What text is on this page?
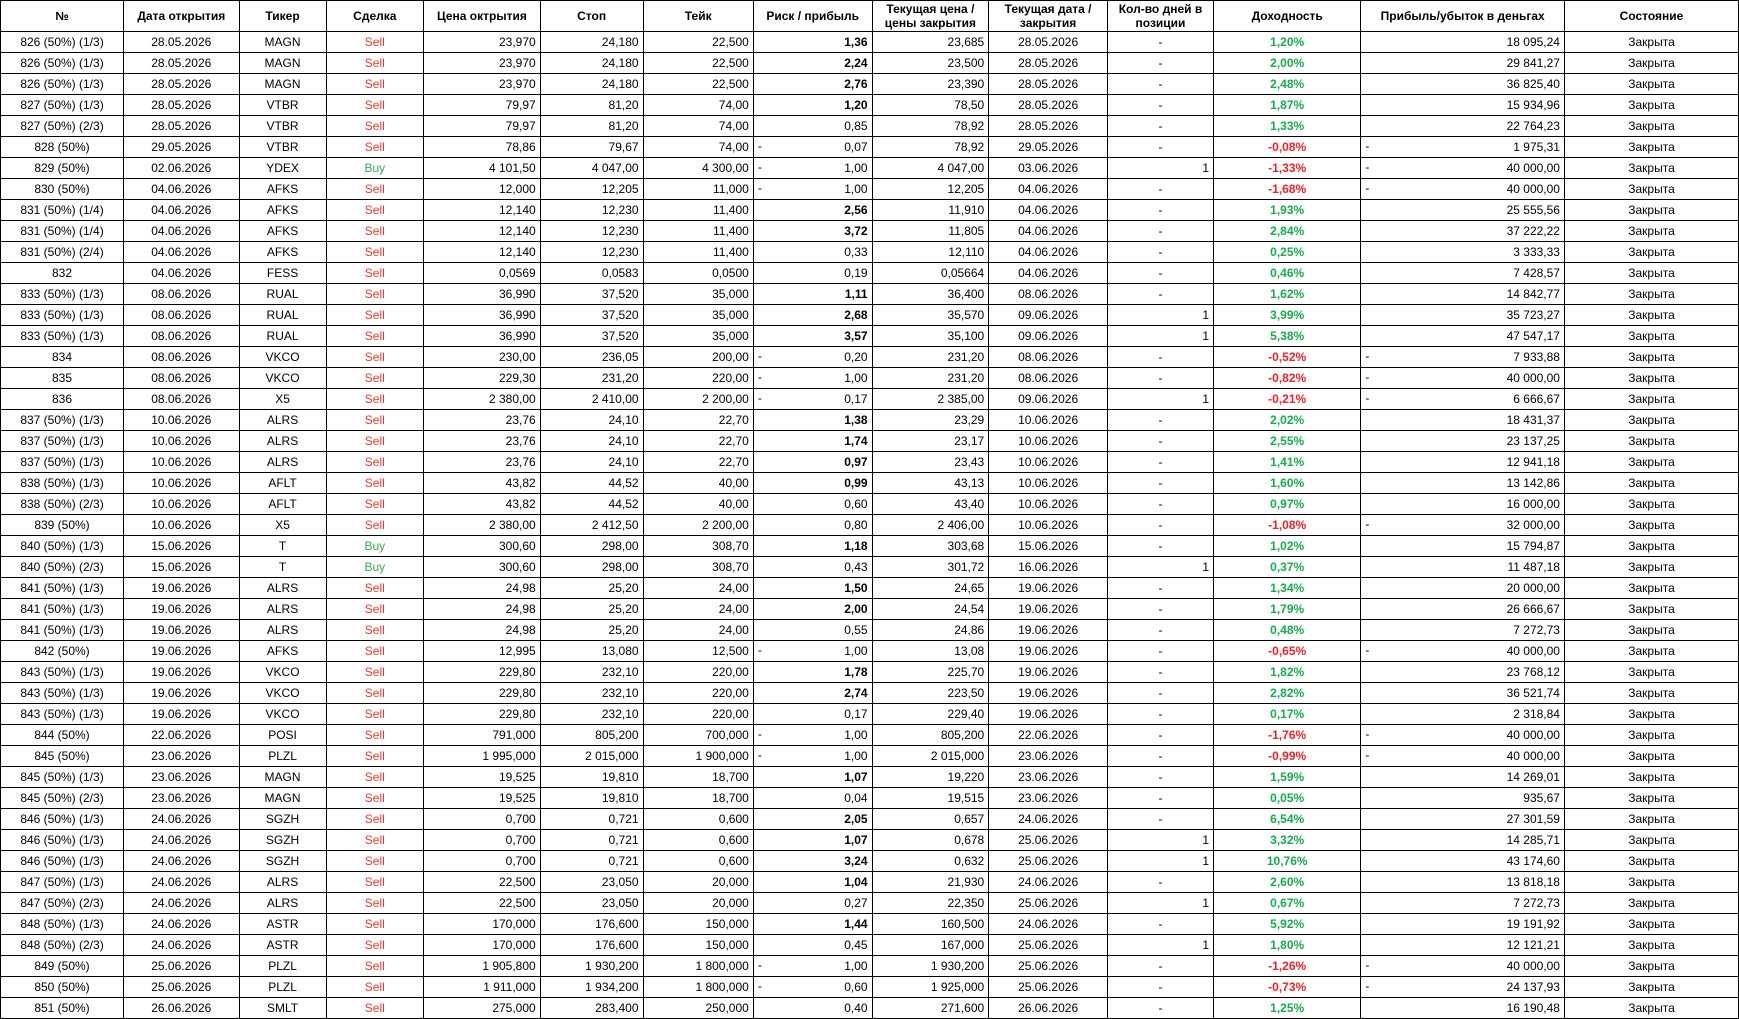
№	Дата открытия	Тикер	Сделка	Цена октрытия	Стоп	Тейк	Риск / прибыль	Текущая цена / цены закрытия	Текущая дата / закрытия	Кол-во дней в позиции	Доходность	Прибыль/убыток в деньгах	Состояние
826 (50%) (1/3)	28.05.2026	MAGN	Sell	23,970	24,180	22,500	1,36	23,685	28.05.2026	-	1,20%	18 095,24	Закрыта
826 (50%) (1/3)	28.05.2026	MAGN	Sell	23,970	24,180	22,500	2,24	23,500	28.05.2026	-	2,00%	29 841,27	Закрыта
826 (50%) (1/3)	28.05.2026	MAGN	Sell	23,970	24,180	22,500	2,76	23,390	28.05.2026	-	2,48%	36 825,40	Закрыта
827 (50%) (1/3)	28.05.2026	VTBR	Sell	79,97	81,20	74,00	1,20	78,50	28.05.2026	-	1,87%	15 934,96	Закрыта
827 (50%) (2/3)	28.05.2026	VTBR	Sell	79,97	81,20	74,00	0,85	78,92	28.05.2026	-	1,33%	22 764,23	Закрыта
828 (50%)	29.05.2026	VTBR	Sell	78,86	79,67	74,00	- 0,07	78,92	29.05.2026	-	-0,08%	- 1 975,31	Закрыта
829 (50%)	02.06.2026	YDEX	Buy	4 101,50	4 047,00	4 300,00	- 1,00	4 047,00	03.06.2026	1	-1,33%	- 40 000,00	Закрыта
830 (50%)	04.06.2026	AFKS	Sell	12,000	12,205	11,000	- 1,00	12,205	04.06.2026	-	-1,68%	- 40 000,00	Закрыта
831 (50%) (1/4)	04.06.2026	AFKS	Sell	12,140	12,230	11,400	2,56	11,910	04.06.2026	-	1,93%	25 555,56	Закрыта
831 (50%) (1/4)	04.06.2026	AFKS	Sell	12,140	12,230	11,400	3,72	11,805	04.06.2026	-	2,84%	37 222,22	Закрыта
831 (50%) (2/4)	04.06.2026	AFKS	Sell	12,140	12,230	11,400	0,33	12,110	04.06.2026	-	0,25%	3 333,33	Закрыта
832	04.06.2026	FESS	Sell	0,0569	0,0583	0,0500	0,19	0,05664	04.06.2026	-	0,46%	7 428,57	Закрыта
833 (50%) (1/3)	08.06.2026	RUAL	Sell	36,990	37,520	35,000	1,11	36,400	08.06.2026	-	1,62%	14 842,77	Закрыта
833 (50%) (1/3)	08.06.2026	RUAL	Sell	36,990	37,520	35,000	2,68	35,570	09.06.2026	1	3,99%	35 723,27	Закрыта
833 (50%) (1/3)	08.06.2026	RUAL	Sell	36,990	37,520	35,000	3,57	35,100	09.06.2026	1	5,38%	47 547,17	Закрыта
834	08.06.2026	VKCO	Sell	230,00	236,05	200,00	- 0,20	231,20	08.06.2026	-	-0,52%	- 7 933,88	Закрыта
835	08.06.2026	VKCO	Sell	229,30	231,20	220,00	- 1,00	231,20	08.06.2026	-	-0,82%	- 40 000,00	Закрыта
836	08.06.2026	X5	Sell	2 380,00	2 410,00	2 200,00	- 0,17	2 385,00	09.06.2026	1	-0,21%	- 6 666,67	Закрыта
837 (50%) (1/3)	10.06.2026	ALRS	Sell	23,76	24,10	22,70	1,38	23,29	10.06.2026	-	2,02%	18 431,37	Закрыта
837 (50%) (1/3)	10.06.2026	ALRS	Sell	23,76	24,10	22,70	1,74	23,17	10.06.2026	-	2,55%	23 137,25	Закрыта
837 (50%) (1/3)	10.06.2026	ALRS	Sell	23,76	24,10	22,70	0,97	23,43	10.06.2026	-	1,41%	12 941,18	Закрыта
838 (50%) (1/3)	10.06.2026	AFLT	Sell	43,82	44,52	40,00	0,99	43,13	10.06.2026	-	1,60%	13 142,86	Закрыта
838 (50%) (2/3)	10.06.2026	AFLT	Sell	43,82	44,52	40,00	0,60	43,40	10.06.2026	-	0,97%	16 000,00	Закрыта
839 (50%)	10.06.2026	X5	Sell	2 380,00	2 412,50	2 200,00	0,80	2 406,00	10.06.2026	-	-1,08%	- 32 000,00	Закрыта
840 (50%) (1/3)	15.06.2026	T	Buy	300,60	298,00	308,70	1,18	303,68	15.06.2026	-	1,02%	15 794,87	Закрыта
840 (50%) (2/3)	15.06.2026	T	Buy	300,60	298,00	308,70	0,43	301,72	16.06.2026	1	0,37%	11 487,18	Закрыта
841 (50%) (1/3)	19.06.2026	ALRS	Sell	24,98	25,20	24,00	1,50	24,65	19.06.2026	-	1,34%	20 000,00	Закрыта
841 (50%) (1/3)	19.06.2026	ALRS	Sell	24,98	25,20	24,00	2,00	24,54	19.06.2026	-	1,79%	26 666,67	Закрыта
841 (50%) (1/3)	19.06.2026	ALRS	Sell	24,98	25,20	24,00	0,55	24,86	19.06.2026	-	0,48%	7 272,73	Закрыта
842 (50%)	19.06.2026	AFKS	Sell	12,995	13,080	12,500	- 1,00	13,08	19.06.2026	-	-0,65%	- 40 000,00	Закрыта
843 (50%) (1/3)	19.06.2026	VKCO	Sell	229,80	232,10	220,00	1,78	225,70	19.06.2026	-	1,82%	23 768,12	Закрыта
843 (50%) (1/3)	19.06.2026	VKCO	Sell	229,80	232,10	220,00	2,74	223,50	19.06.2026	-	2,82%	36 521,74	Закрыта
843 (50%) (1/3)	19.06.2026	VKCO	Sell	229,80	232,10	220,00	0,17	229,40	19.06.2026	-	0,17%	2 318,84	Закрыта
844 (50%)	22.06.2026	POSI	Sell	791,000	805,200	700,000	- 1,00	805,200	22.06.2026	-	-1,76%	- 40 000,00	Закрыта
845 (50%)	23.06.2026	PLZL	Sell	1 995,000	2 015,000	1 900,000	- 1,00	2 015,000	23.06.2026	-	-0,99%	- 40 000,00	Закрыта
845 (50%) (1/3)	23.06.2026	MAGN	Sell	19,525	19,810	18,700	1,07	19,220	23.06.2026	-	1,59%	14 269,01	Закрыта
845 (50%) (2/3)	23.06.2026	MAGN	Sell	19,525	19,810	18,700	0,04	19,515	23.06.2026	-	0,05%	935,67	Закрыта
846 (50%) (1/3)	24.06.2026	SGZH	Sell	0,700	0,721	0,600	2,05	0,657	24.06.2026	-	6,54%	27 301,59	Закрыта
846 (50%) (1/3)	24.06.2026	SGZH	Sell	0,700	0,721	0,600	1,07	0,678	25.06.2026	1	3,32%	14 285,71	Закрыта
846 (50%) (1/3)	24.06.2026	SGZH	Sell	0,700	0,721	0,600	3,24	0,632	25.06.2026	1	10,76%	43 174,60	Закрыта
847 (50%) (1/3)	24.06.2026	ALRS	Sell	22,500	23,050	20,000	1,04	21,930	24.06.2026	-	2,60%	13 818,18	Закрыта
847 (50%) (2/3)	24.06.2026	ALRS	Sell	22,500	23,050	20,000	0,27	22,350	25.06.2026	1	0,67%	7 272,73	Закрыта
848 (50%) (1/3)	24.06.2026	ASTR	Sell	170,000	176,600	150,000	1,44	160,500	24.06.2026	-	5,92%	19 191,92	Закрыта
848 (50%) (2/3)	24.06.2026	ASTR	Sell	170,000	176,600	150,000	0,45	167,000	25.06.2026	1	1,80%	12 121,21	Закрыта
849 (50%)	25.06.2026	PLZL	Sell	1 905,800	1 930,200	1 800,000	- 1,00	1 930,200	25.06.2026	-	-1,26%	- 40 000,00	Закрыта
850 (50%)	25.06.2026	PLZL	Sell	1 911,000	1 934,200	1 800,000	- 0,60	1 925,000	25.06.2026	-	-0,73%	- 24 137,93	Закрыта
851 (50%)	26.06.2026	SMLT	Sell	275,000	283,400	250,000	0,40	271,600	26.06.2026	-	1,25%	16 190,48	Закрыта
